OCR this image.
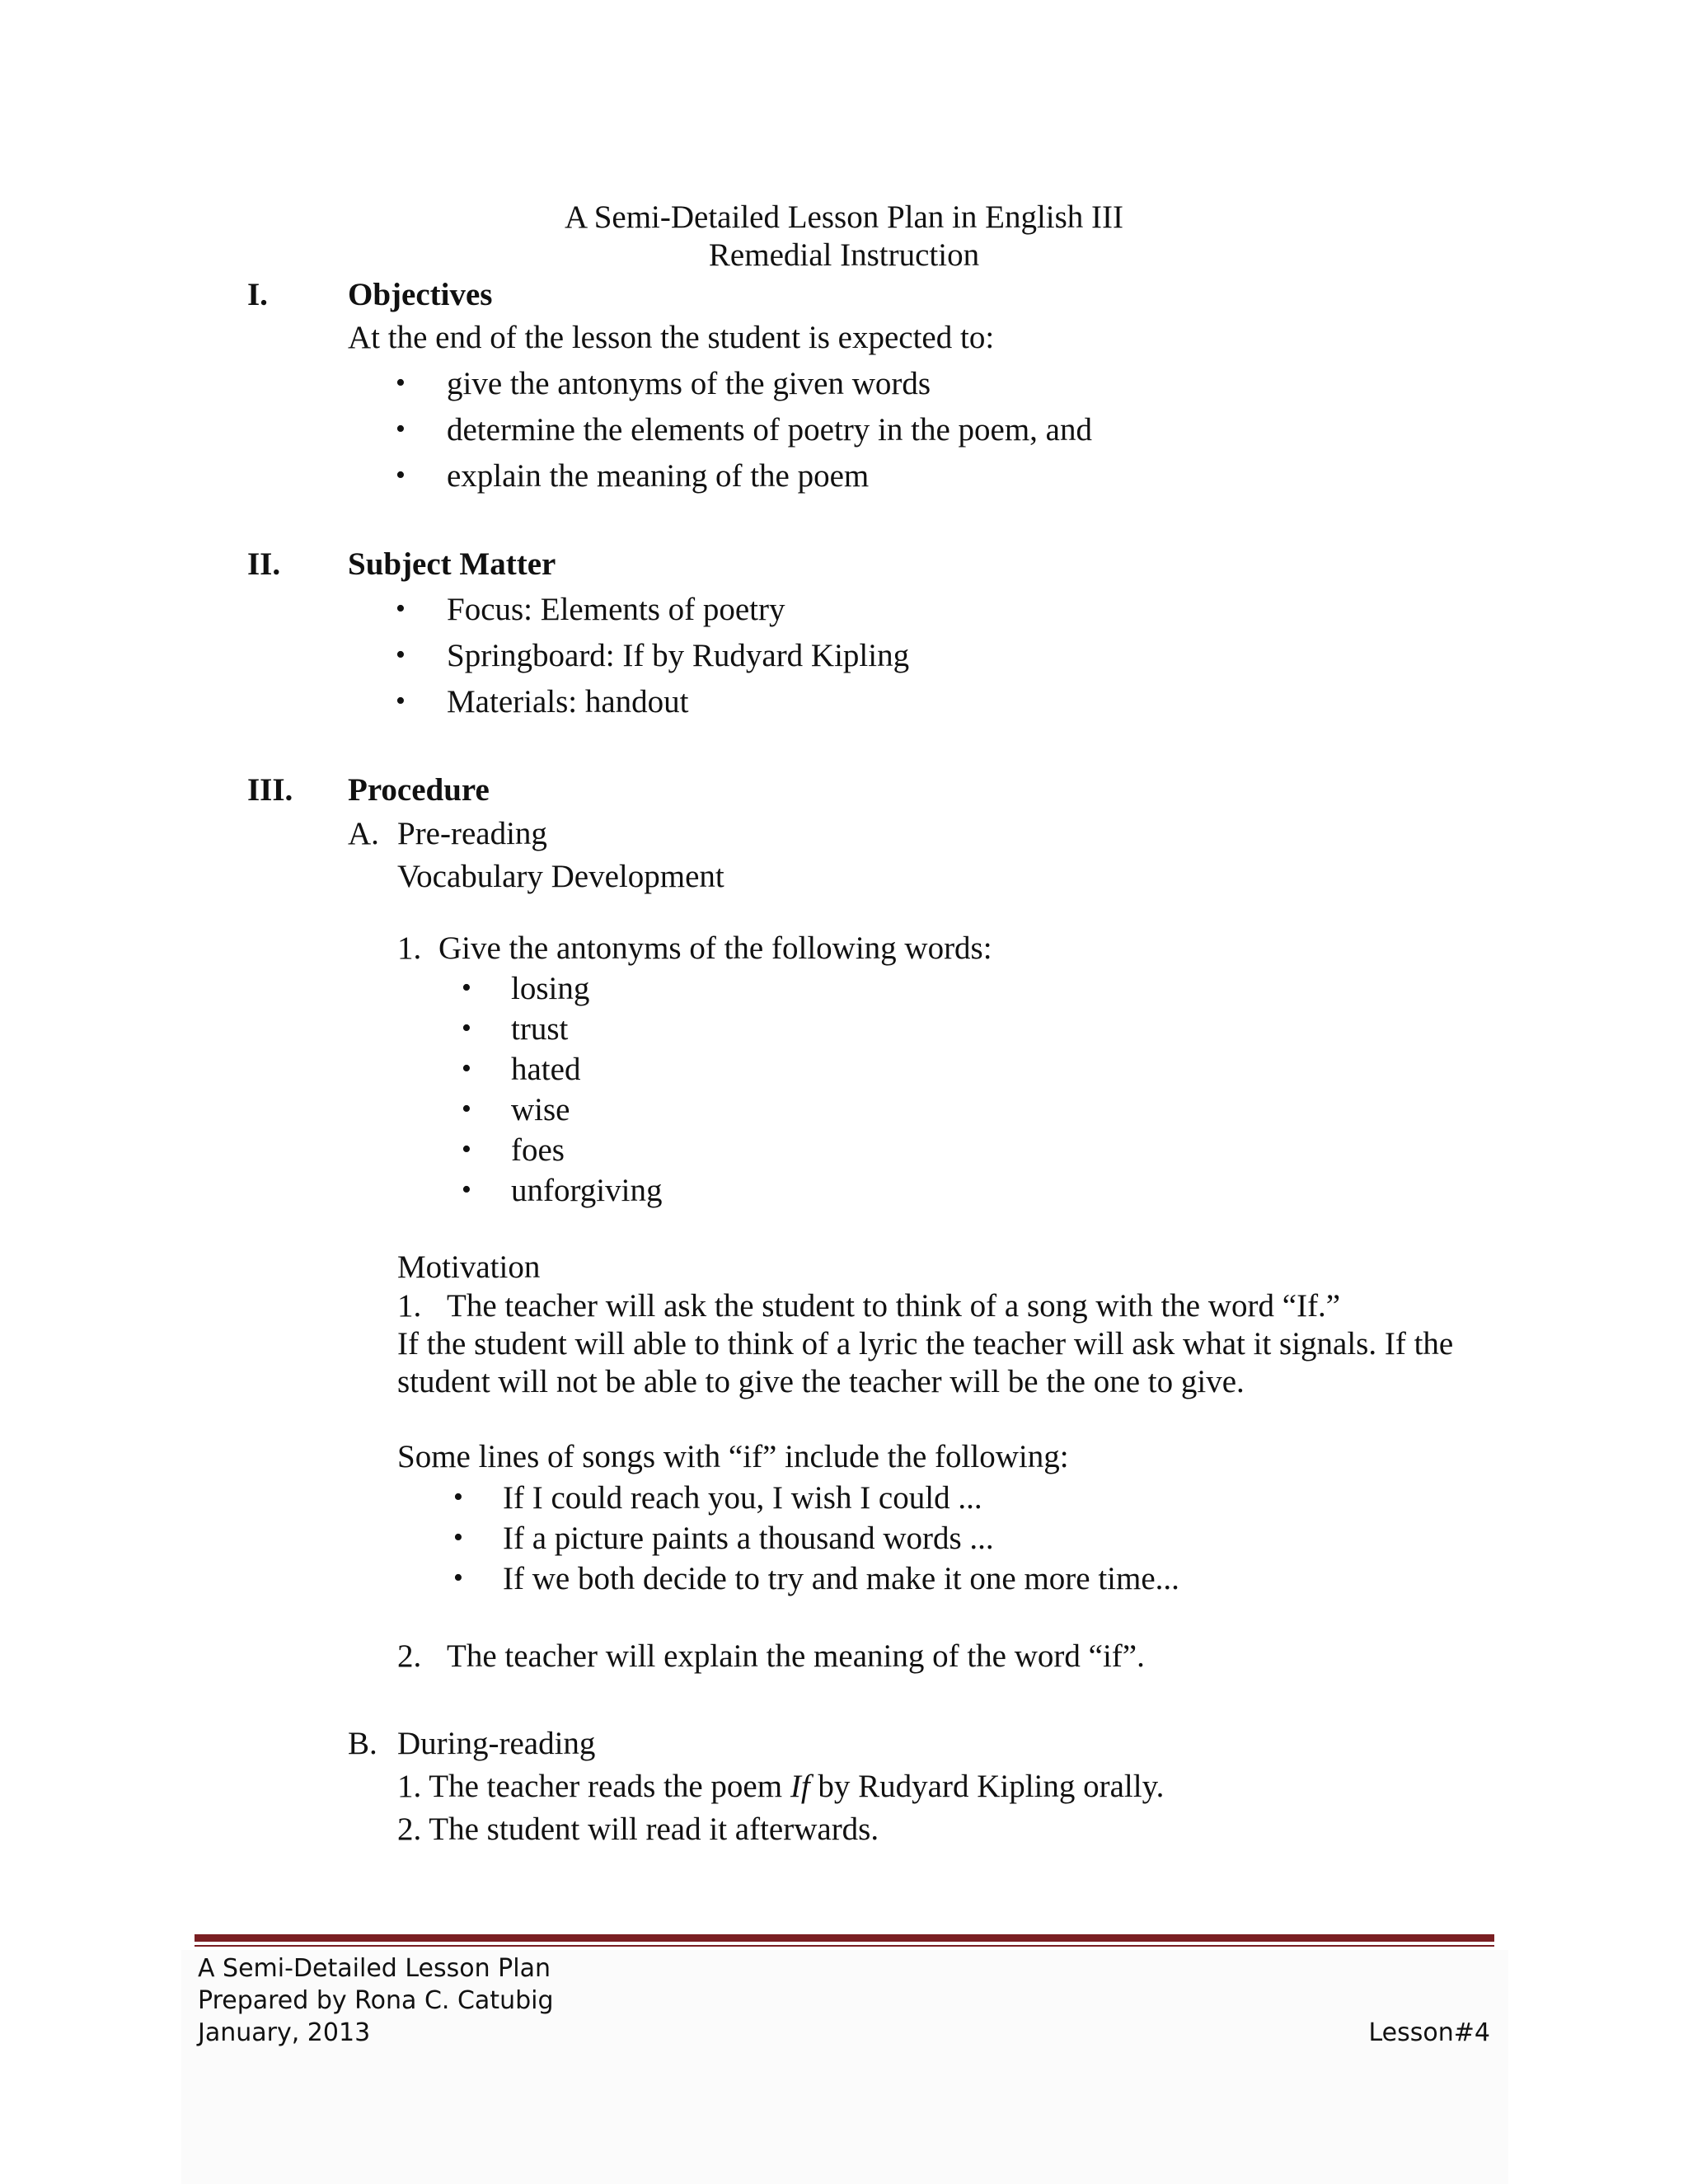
A Semi-Detailed Lesson Plan in English III
Remedial Instruction
I. Objectives
At the end of the lesson the student is expected to:
• give the antonyms of the given words
• determine the elements of poetry in the poem, and
• explain the meaning of the poem
II. Subject Matter
• Focus: Elements of poetry
• Springboard: If by Rudyard Kipling
• Materials: handout
III. Procedure
A. Pre-reading
Vocabulary Development
1. Give the antonyms of the following words:
• losing
• trust
• hated
• wise
• foes
• unforgiving
Motivation
1. The teacher will ask the student to think of a song with the word “If.”
If the student will able to think of a lyric the teacher will ask what it signals. If the
student will not be able to give the teacher will be the one to give.
Some lines of songs with “if” include the following:
• If I could reach you, I wish I could ...
• If a picture paints a thousand words ...
• If we both decide to try and make it one more time...
2. The teacher will explain the meaning of the word “if”.
B. During-reading
1. The teacher reads the poem If by Rudyard Kipling orally.
2. The student will read it afterwards.
A Semi-Detailed Lesson Plan
Prepared by Rona C. Catubig
January, 2013	Lesson#4
